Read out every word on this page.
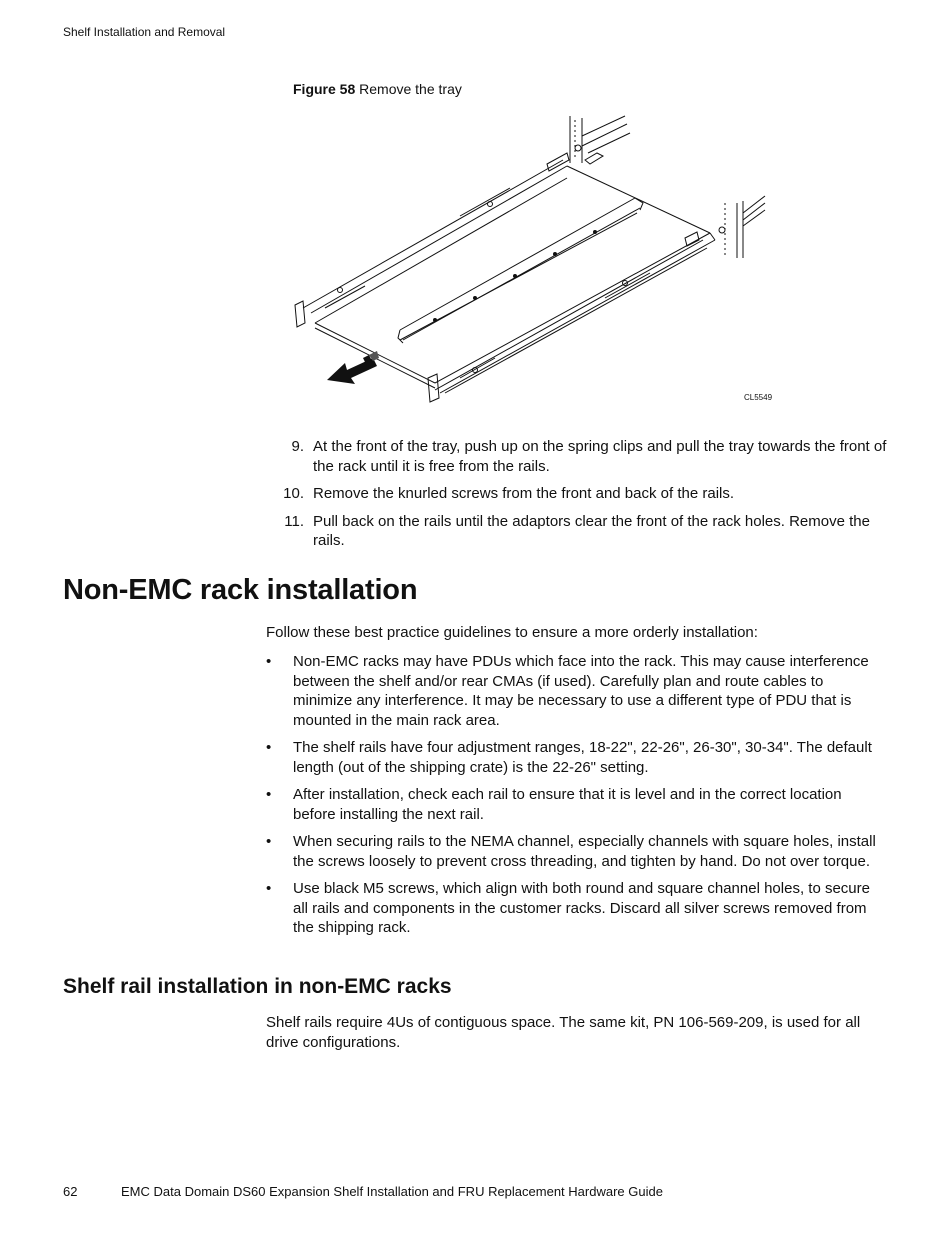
Shelf Installation and Removal
Figure 58 Remove the tray
CL5549
9. At the front of the tray, push up on the spring clips and pull the tray towards the front of the rack until it is free from the rails.
10. Remove the knurled screws from the front and back of the rails.
11. Pull back on the rails until the adaptors clear the front of the rack holes. Remove the rails.
Non-EMC rack installation

Follow these best practice guidelines to ensure a more orderly installation:

•	Non-EMC racks may have PDUs which face into the rack. This may cause interference between the shelf and/or rear CMAs (if used). Carefully plan and route cables to minimize any interference. It may be necessary to use a different type of PDU that is mounted in the main rack area.
•	The shelf rails have four adjustment ranges, 18-22", 22-26", 26-30", 30-34". The default length (out of the shipping crate) is the 22-26" setting.
•	After installation, check each rail to ensure that it is level and in the correct location before installing the next rail.
•	When securing rails to the NEMA channel, especially channels with square holes, install the screws loosely to prevent cross threading, and tighten by hand. Do not over torque.
•	Use black M5 screws, which align with both round and square channel holes, to secure all rails and components in the customer racks. Discard all silver screws removed from the shipping rack.
Shelf rail installation in non-EMC racks

Shelf rails require 4Us of contiguous space. The same kit, PN 106-569-209, is used for all drive configurations.

62	EMC Data Domain DS60 Expansion Shelf Installation and FRU Replacement Hardware Guide
